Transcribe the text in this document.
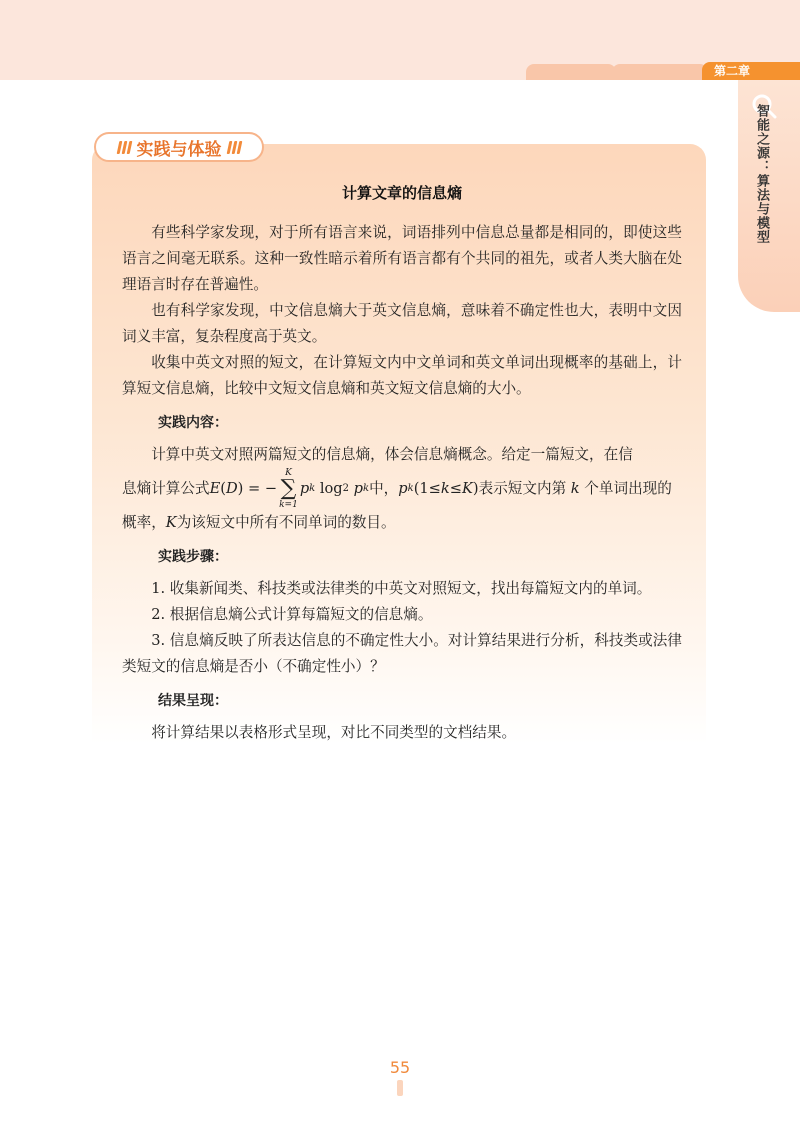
第二章
智能之源：算法与模型
实践与体验
计算文章的信息熵

有些科学家发现，对于所有语言来说，词语排列中信息总量都是相同的，即使这些语言之间毫无联系。这种一致性暗示着所有语言都有个共同的祖先，或者人类大脑在处理语言时存在普遍性。

也有科学家发现，中文信息熵大于英文信息熵，意味着不确定性也大，表明中文因词义丰富，复杂程度高于英文。

收集中英文对照的短文，在计算短文内中文单词和英文单词出现概率的基础上，计算短文信息熵，比较中文短文信息熵和英文短文信息熵的大小。

实践内容：

计算中英文对照两篇短文的信息熵，体会信息熵概念。给定一篇短文，在信

息熵计算公式 E ( D ) = −
K
∑
k=1
p k log 2
p k 中， p k (1≤ k ≤ K )表示短文内第 k 个单词出现的

概率，K为该短文中所有不同单词的数目。

实践步骤：

1. 收集新闻类、科技类或法律类的中英文对照短文，找出每篇短文内的单词。

2. 根据信息熵公式计算每篇短文的信息熵。

3. 信息熵反映了所表达信息的不确定性大小。对计算结果进行分析，科技类或法律类短文的信息熵是否小（不确定性小）？

结果呈现：

将计算结果以表格形式呈现，对比不同类型的文档结果。

55
